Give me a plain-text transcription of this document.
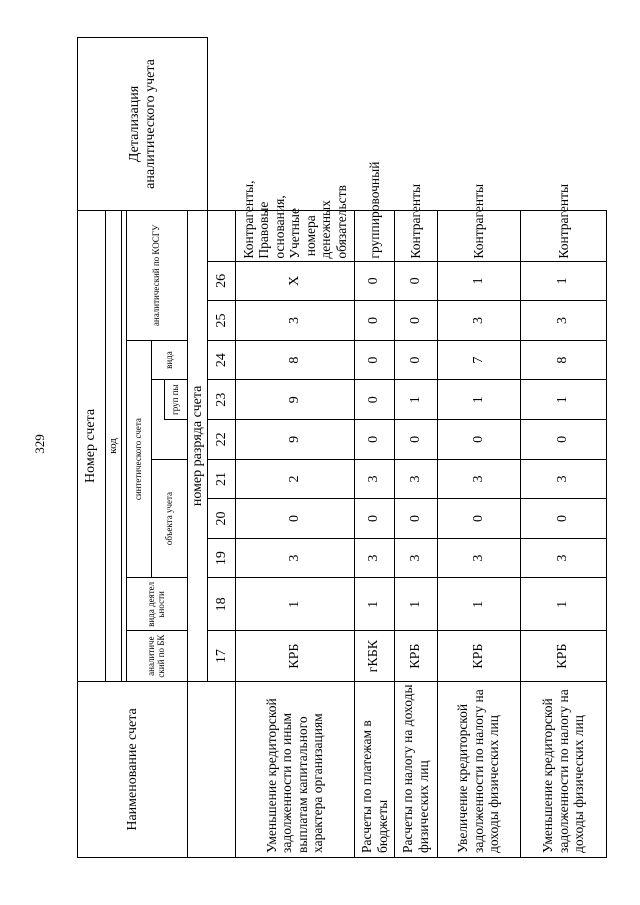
329
Наименование счета	Номер счета											Детализация аналитического учета
	код											

	аналитиче ский по БК	вида деятел ьности	синтетического счета						аналитический по КОСГУ			
			объекта учета					вида				
							груп пы					
	номер разряда счета											
	17	18	19	20	21	22	23	24	25	26		
Уменьшение кредиторской задолженности по иным выплатам капитального характера организациям	КРБ	1	3	0	2	9	9	8	3	X	Контрагенты, Правовые основания, Учетные номера денежных обязательств	
Расчеты по платежам в бюджеты	гКБК	1	3	0	3	0	0	0	0	0	группировочный	
Расчеты по налогу на доходы физических лиц	КРБ	1	3	0	3	0	1	0	0	0	Контрагенты	
Увеличение кредиторской задолженности по налогу на доходы физических лиц	КРБ	1	3	0	3	0	1	7	3	1	Контрагенты	
Уменьшение кредиторской задолженности по налогу на доходы физических лиц	КРБ	1	3	0	3	0	1	8	3	1	Контрагенты	
